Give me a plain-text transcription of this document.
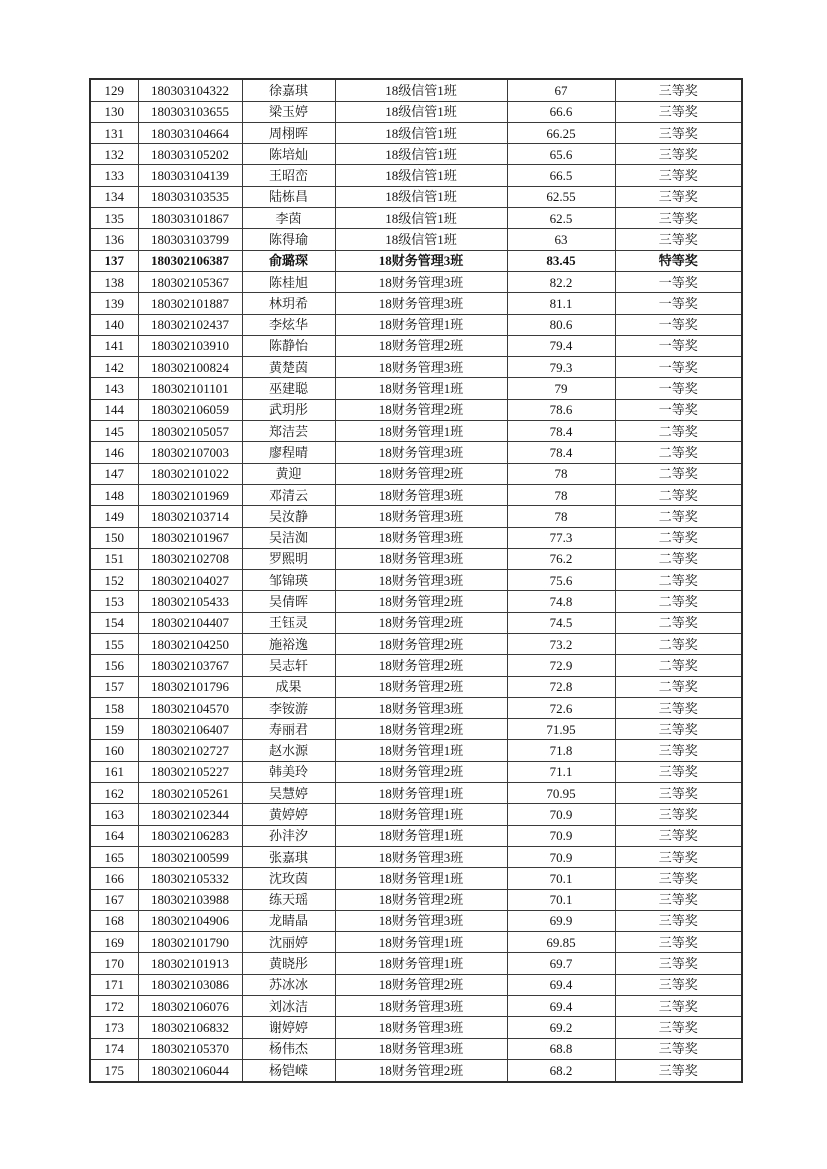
129	180303104322	徐嘉琪	18级信管1班	67	三等奖
130	180303103655	梁玉婷	18级信管1班	66.6	三等奖
131	180303104664	周栩晖	18级信管1班	66.25	三等奖
132	180303105202	陈培灿	18级信管1班	65.6	三等奖
133	180303104139	王昭峦	18级信管1班	66.5	三等奖
134	180303103535	陆栋昌	18级信管1班	62.55	三等奖
135	180303101867	李茵	18级信管1班	62.5	三等奖
136	180303103799	陈得瑜	18级信管1班	63	三等奖
137	180302106387	俞璐琛	18财务管理3班	83.45	特等奖
138	180302105367	陈桂旭	18财务管理3班	82.2	一等奖
139	180302101887	林玥希	18财务管理3班	81.1	一等奖
140	180302102437	李炫华	18财务管理1班	80.6	一等奖
141	180302103910	陈静怡	18财务管理2班	79.4	一等奖
142	180302100824	黄楚茵	18财务管理3班	79.3	一等奖
143	180302101101	巫建聪	18财务管理1班	79	一等奖
144	180302106059	武玥彤	18财务管理2班	78.6	一等奖
145	180302105057	郑洁芸	18财务管理1班	78.4	二等奖
146	180302107003	廖程晴	18财务管理3班	78.4	二等奖
147	180302101022	黄迎	18财务管理2班	78	二等奖
148	180302101969	邓清云	18财务管理3班	78	二等奖
149	180302103714	吴汝静	18财务管理3班	78	二等奖
150	180302101967	吴洁洳	18财务管理3班	77.3	二等奖
151	180302102708	罗熙明	18财务管理3班	76.2	二等奖
152	180302104027	邹锦瑛	18财务管理3班	75.6	二等奖
153	180302105433	吴倩晖	18财务管理2班	74.8	二等奖
154	180302104407	王钰灵	18财务管理2班	74.5	二等奖
155	180302104250	施裕逸	18财务管理2班	73.2	二等奖
156	180302103767	吴志轩	18财务管理2班	72.9	二等奖
157	180302101796	成果	18财务管理2班	72.8	二等奖
158	180302104570	李铵游	18财务管理3班	72.6	三等奖
159	180302106407	寿丽君	18财务管理2班	71.95	三等奖
160	180302102727	赵水源	18财务管理1班	71.8	三等奖
161	180302105227	韩美玲	18财务管理2班	71.1	三等奖
162	180302105261	吴慧婷	18财务管理1班	70.95	三等奖
163	180302102344	黄婷婷	18财务管理1班	70.9	三等奖
164	180302106283	孙沣汐	18财务管理1班	70.9	三等奖
165	180302100599	张嘉琪	18财务管理3班	70.9	三等奖
166	180302105332	沈玫茵	18财务管理1班	70.1	三等奖
167	180302103988	练天瑶	18财务管理2班	70.1	三等奖
168	180302104906	龙睛晶	18财务管理3班	69.9	三等奖
169	180302101790	沈丽婷	18财务管理1班	69.85	三等奖
170	180302101913	黄晓彤	18财务管理1班	69.7	三等奖
171	180302103086	苏冰冰	18财务管理2班	69.4	三等奖
172	180302106076	刘冰洁	18财务管理3班	69.4	三等奖
173	180302106832	谢婷婷	18财务管理3班	69.2	三等奖
174	180302105370	杨伟杰	18财务管理3班	68.8	三等奖
175	180302106044	杨铠嵘	18财务管理2班	68.2	三等奖
